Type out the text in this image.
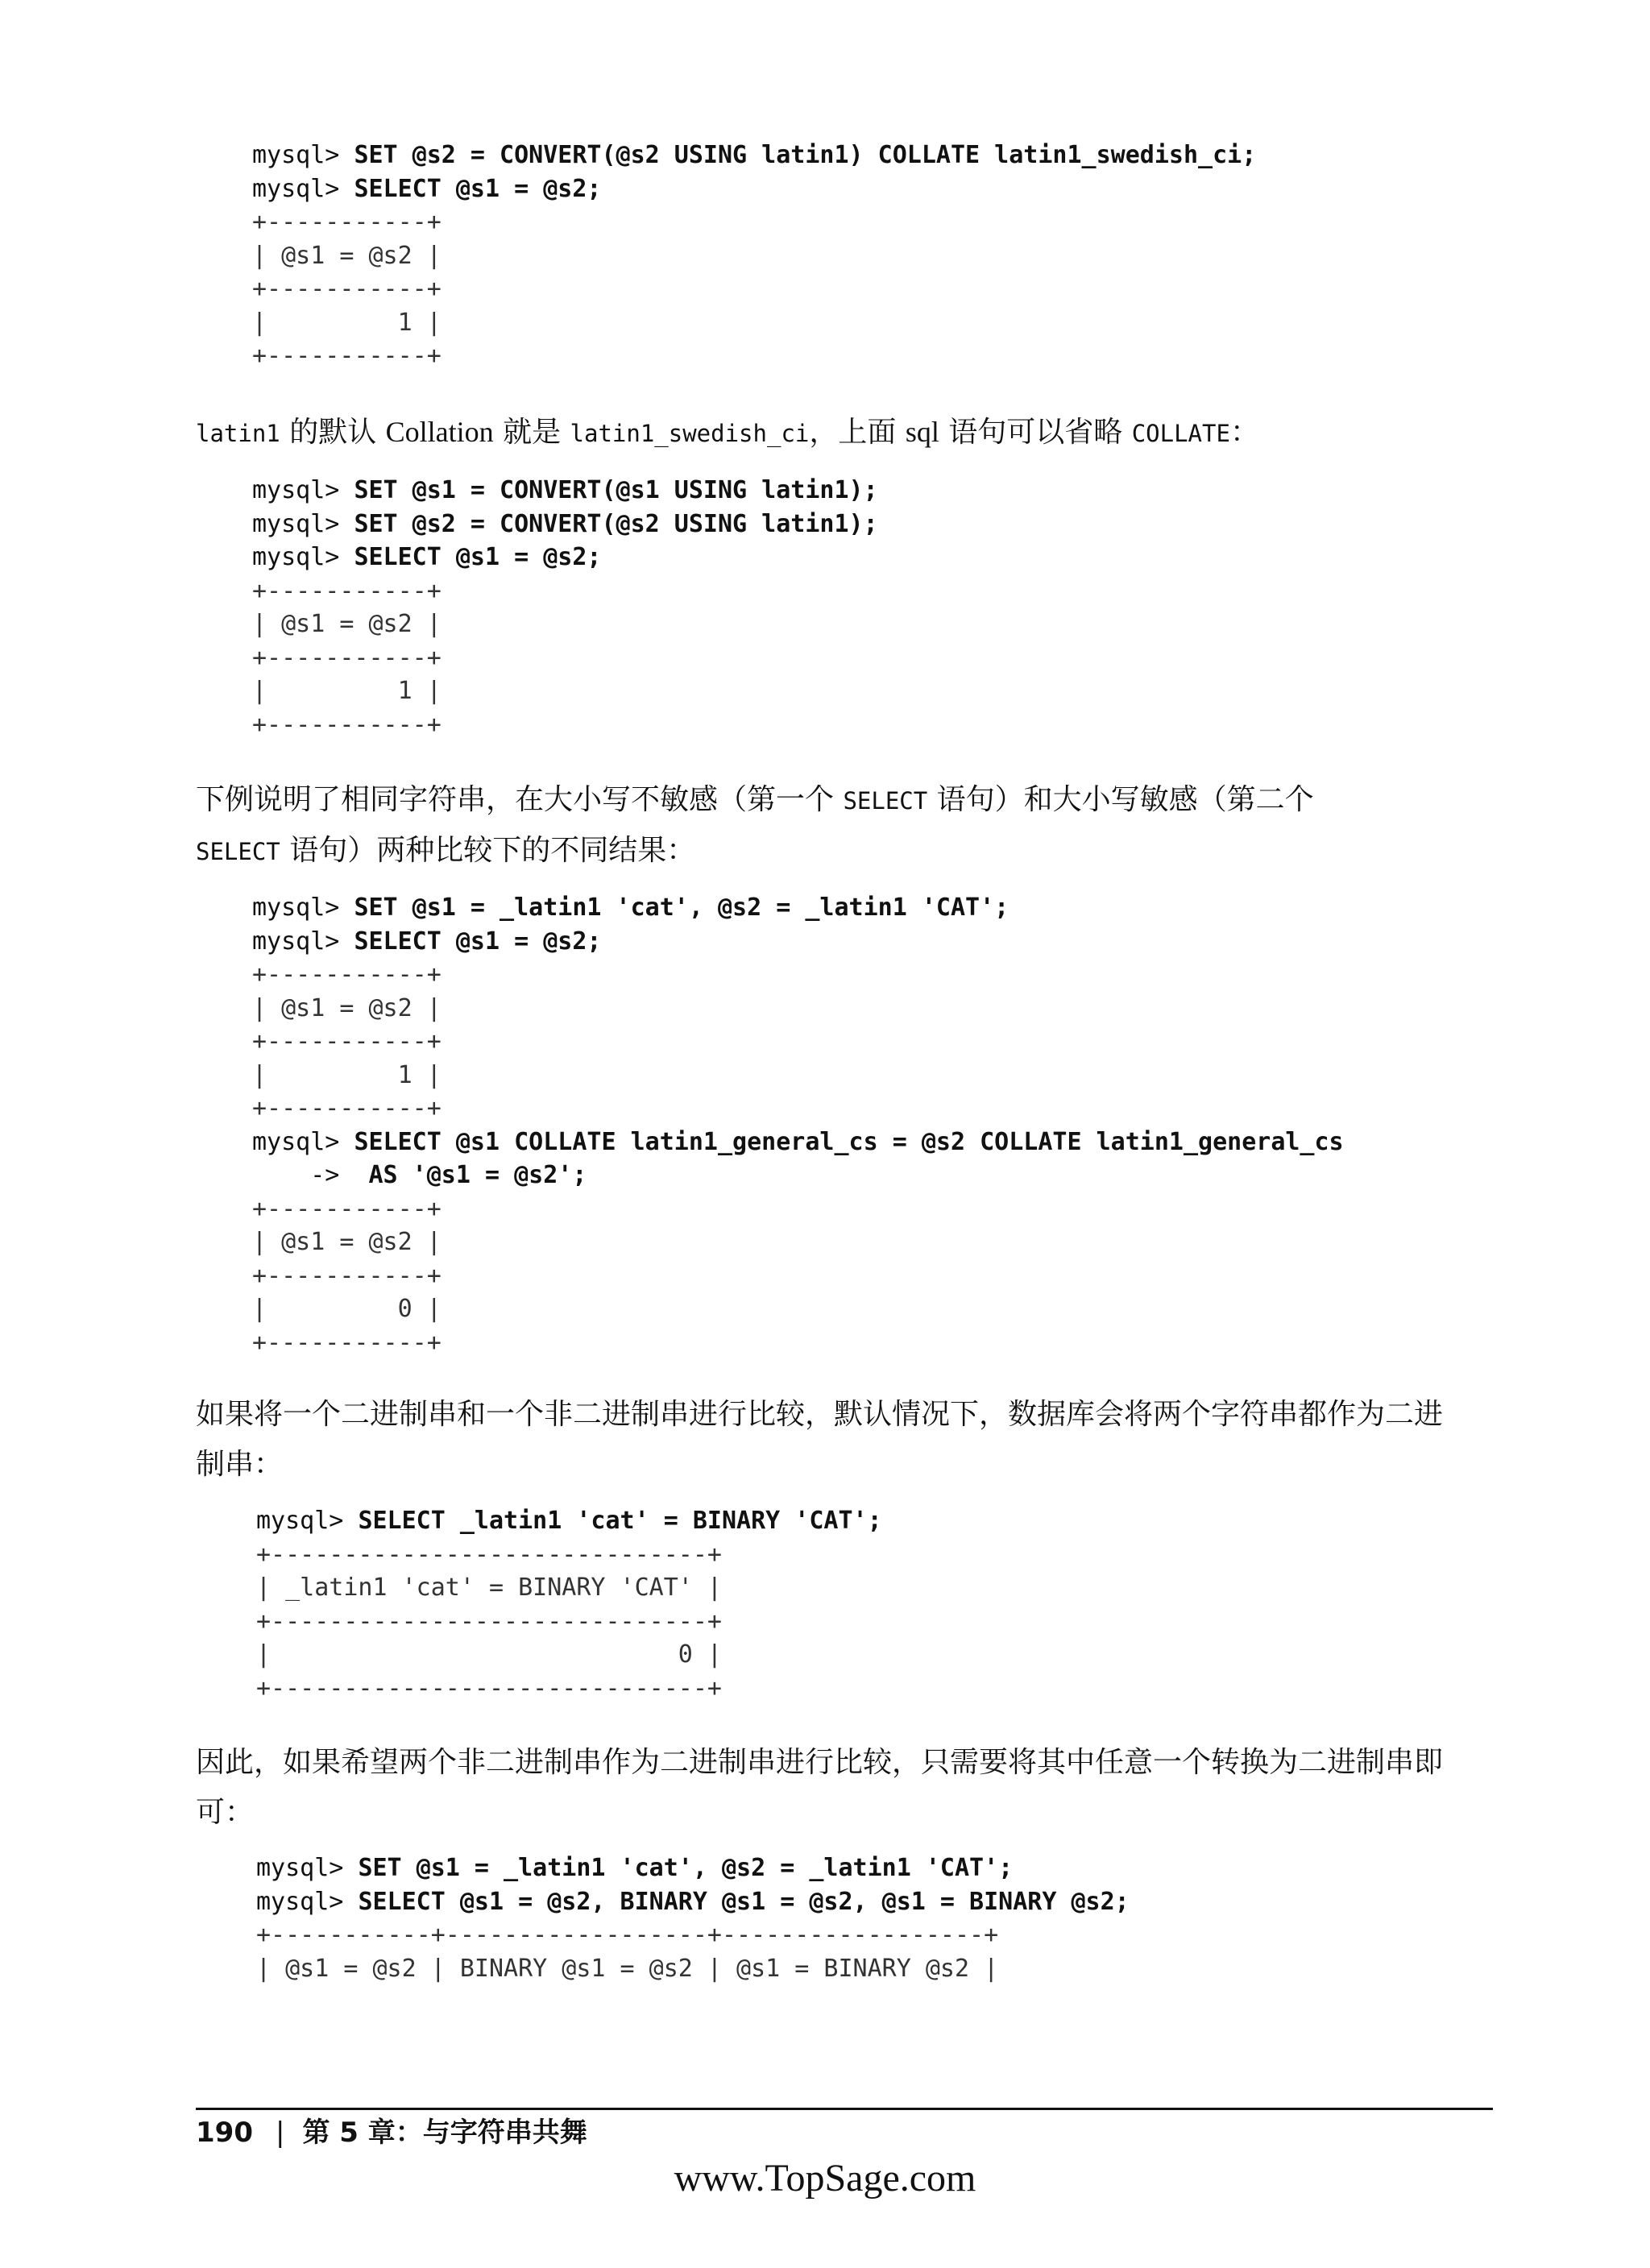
mysql> SET @s2 = CONVERT(@s2 USING latin1) COLLATE latin1_swedish_ci;
mysql> SELECT @s1 = @s2;
+-----------+
| @s1 = @s2 |
+-----------+
|         1 |
+-----------+

latin1 的默认 Collation 就是 latin1_swedish_ci，上面 sql 语句可以省略 COLLATE：

mysql> SET @s1 = CONVERT(@s1 USING latin1);
mysql> SET @s2 = CONVERT(@s2 USING latin1);
mysql> SELECT @s1 = @s2;
+-----------+
| @s1 = @s2 |
+-----------+
|         1 |
+-----------+

下例说明了相同字符串，在大小写不敏感（第一个 SELECT 语句）和大小写敏感（第二个
SELECT 语句）两种比较下的不同结果：

mysql> SET @s1 = _latin1 'cat', @s2 = _latin1 'CAT';
mysql> SELECT @s1 = @s2;
+-----------+
| @s1 = @s2 |
+-----------+
|         1 |
+-----------+
mysql> SELECT @s1 COLLATE latin1_general_cs = @s2 COLLATE latin1_general_cs
->  AS '@s1 = @s2';
+-----------+
| @s1 = @s2 |
+-----------+
|         0 |
+-----------+

如果将一个二进制串和一个非二进制串进行比较，默认情况下，数据库会将两个字符串都作为二进制串：

mysql> SELECT _latin1 'cat' = BINARY 'CAT';
+------------------------------+
| _latin1 'cat' = BINARY 'CAT' |
+------------------------------+
|                            0 |
+------------------------------+

因此，如果希望两个非二进制串作为二进制串进行比较，只需要将其中任意一个转换为二进制串即可：

mysql> SET @s1 = _latin1 'cat', @s2 = _latin1 'CAT';
mysql> SELECT @s1 = @s2, BINARY @s1 = @s2, @s1 = BINARY @s2;
+-----------+------------------+------------------+
| @s1 = @s2 | BINARY @s1 = @s2 | @s1 = BINARY @s2 |
190 | 第 5 章：与字符串共舞
www.TopSage.com
